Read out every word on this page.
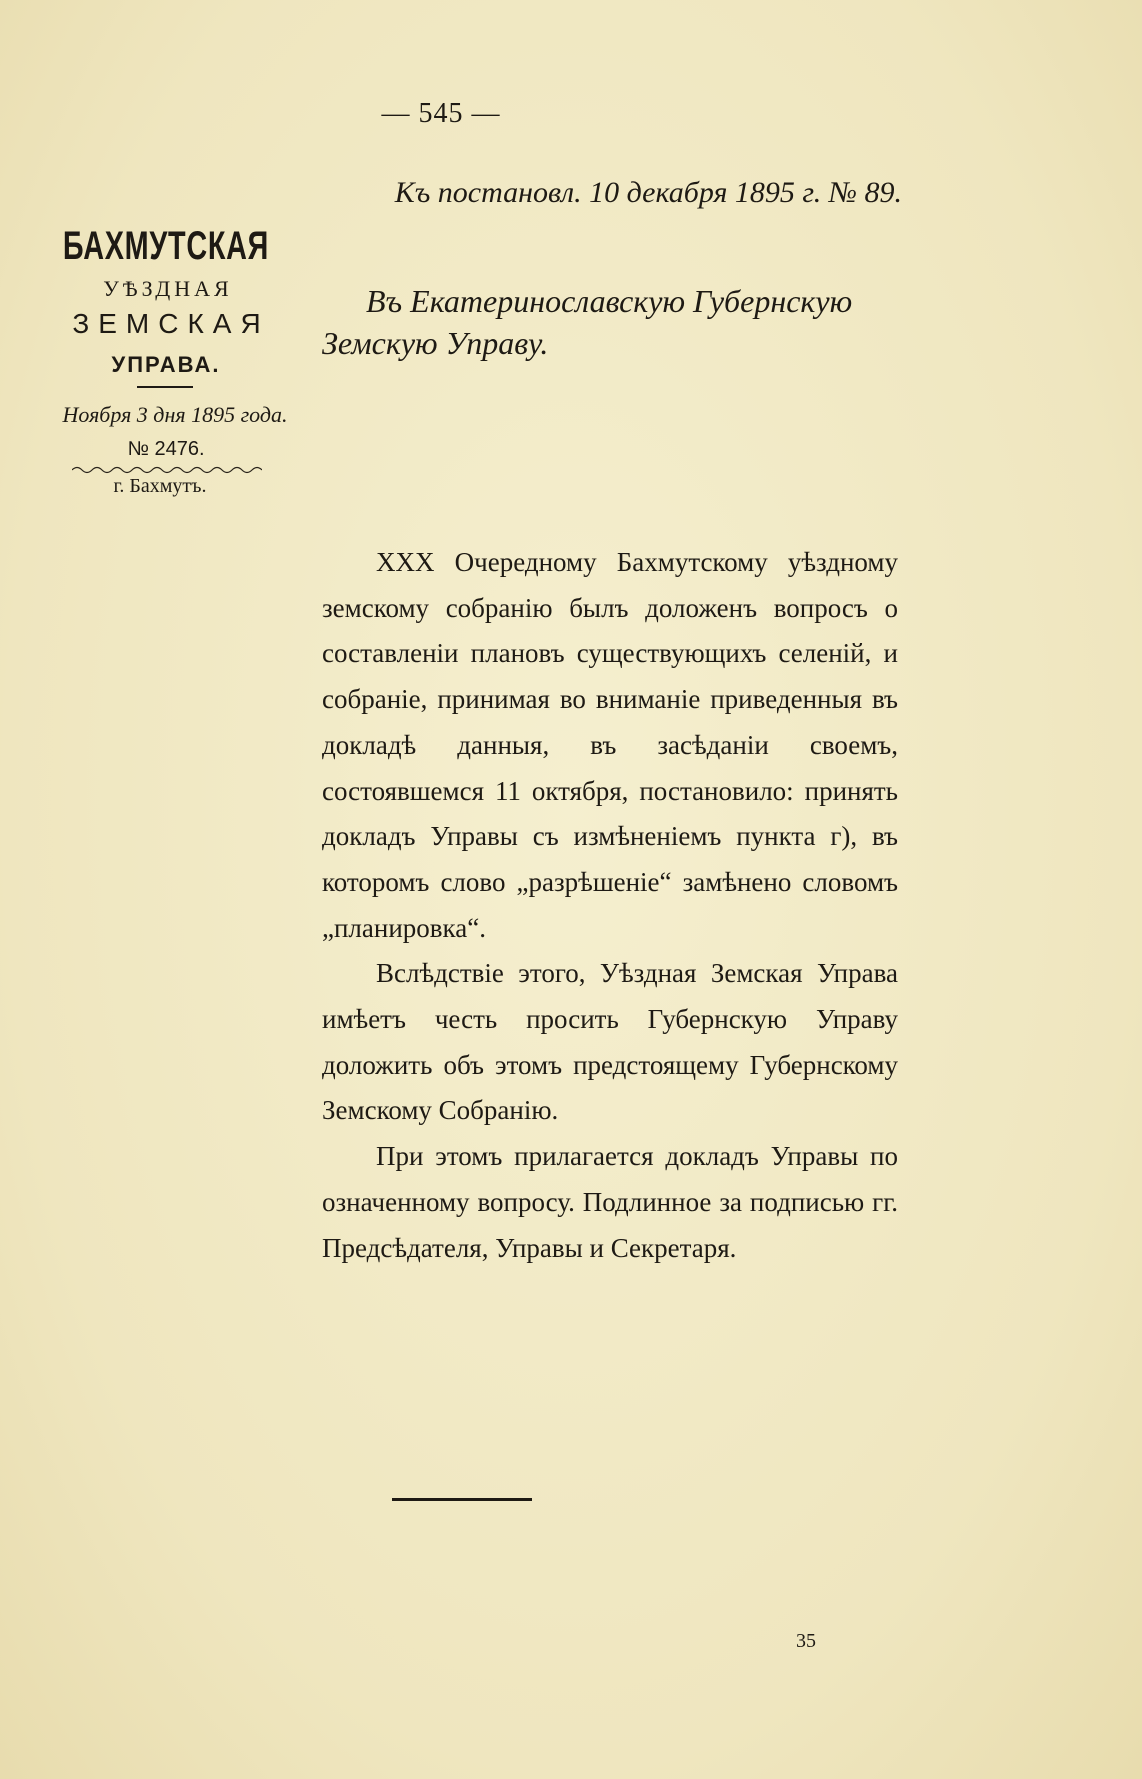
— 545 —
Къ постановл. 10 декабря 1895 г. № 89.
БАХМУТСКАЯ
УѢЗДНАЯ
ЗЕМСКАЯ
УПРАВА.
Ноября 3 дня 1895 года.
№ 2476.
г. Бахмутъ.
Въ Екатеринославскую Губернскую
Земскую Управу.

XXX Очередному Бахмутскому уѣздному земскому собранію былъ доложенъ вопросъ о составленіи плановъ существующихъ селеній, и собраніе, принимая во вниманіе приведенныя въ докладѣ данныя, въ засѣданіи своемъ, состоявшемся 11 октября, постановило: принять докладъ Управы съ измѣненіемъ пункта г), въ которомъ слово „разрѣшеніе“ замѣнено словомъ „планировка“.

Вслѣдствіе этого, Уѣздная Земская Управа имѣетъ честь просить Губернскую Управу доложить объ этомъ предстоящему Губернскому Земскому Собранію.

При этомъ прилагается докладъ Управы по означенному вопросу. Подлинное за подписью гг. Предсѣдателя, Управы и Секретаря.

35
